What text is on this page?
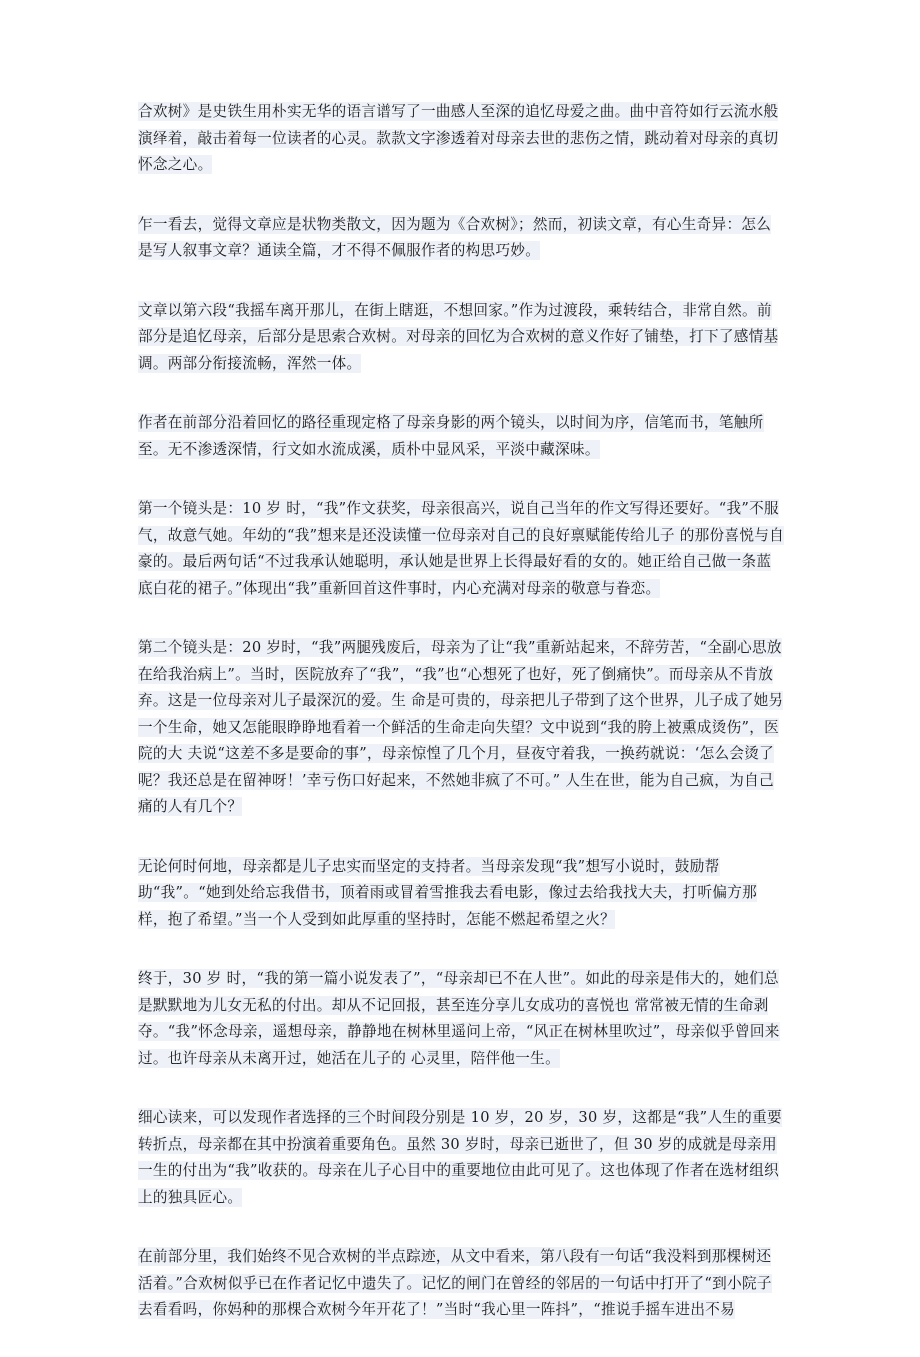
合欢树》是史铁生用朴实无华的语言谱写了一曲感人至深的追忆母爱之曲。曲中音符如行云流水般演绎着，敲击着每一位读者的心灵。款款文字渗透着对母亲去世的悲伤之情，跳动着对母亲的真切怀念之心。

乍一看去，觉得文章应是状物类散文，因为题为《合欢树》；然而，初读文章，有心生奇异：怎么是写人叙事文章？通读全篇，才不得不佩服作者的构思巧妙。

文章以第六段“我摇车离开那儿，在街上瞎逛，不想回家。”作为过渡段，乘转结合，非常自然。前部分是追忆母亲，后部分是思索合欢树。对母亲的回忆为合欢树的意义作好了铺垫，打下了感情基调。两部分衔接流畅，浑然一体。

作者在前部分沿着回忆的路径重现定格了母亲身影的两个镜头，以时间为序，信笔而书，笔触所至。无不渗透深情，行文如水流成溪，质朴中显风采，平淡中藏深味。

第一个镜头是：10 岁 时，“我”作文获奖，母亲很高兴，说自己当年的作文写得还要好。“我”不服气，故意气她。年幼的“我”想来是还没读懂一位母亲对自己的良好禀赋能传给儿子 的那份喜悦与自豪的。最后两句话“不过我承认她聪明，承认她是世界上长得最好看的女的。她正给自己做一条蓝底白花的裙子。”体现出“我”重新回首这件事时，内心充满对母亲的敬意与眷恋。

第二个镜头是：20 岁时，“我”两腿残废后，母亲为了让“我”重新站起来，不辞劳苦，“全副心思放在给我治病上”。当时，医院放弃了“我”，“我”也“心想死了也好，死了倒痛快”。而母亲从不肯放弃。这是一位母亲对儿子最深沉的爱。生 命是可贵的，母亲把儿子带到了这个世界，儿子成了她另一个生命，她又怎能眼睁睁地看着一个鲜活的生命走向失望？文中说到“我的胯上被熏成烫伤”，医院的大 夫说“这差不多是要命的事”，母亲惊惶了几个月，昼夜守着我，一换药就说：‘怎么会烫了呢？我还总是在留神呀！’幸亏伤口好起来，不然她非疯了不可。” 人生在世，能为自己疯，为自己痛的人有几个？

无论何时何地，母亲都是儿子忠实而坚定的支持者。当母亲发现“我”想写小说时，鼓励帮助“我”。“她到处给忘我借书，顶着雨或冒着雪推我去看电影，像过去给我找大夫，打听偏方那样，抱了希望。”当一个人受到如此厚重的坚持时，怎能不燃起希望之火？

终于，30 岁 时，“我的第一篇小说发表了”，“母亲却已不在人世”。如此的母亲是伟大的，她们总是默默地为儿女无私的付出。却从不记回报，甚至连分享儿女成功的喜悦也 常常被无情的生命剥夺。“我”怀念母亲，遥想母亲，静静地在树林里遥问上帝，“风正在树林里吹过”，母亲似乎曾回来过。也许母亲从未离开过，她活在儿子的 心灵里，陪伴他一生。

细心读来，可以发现作者选择的三个时间段分别是 10 岁，20 岁，30 岁，这都是“我”人生的重要转折点，母亲都在其中扮演着重要角色。虽然 30 岁时，母亲已逝世了，但 30 岁的成就是母亲用一生的付出为“我”收获的。母亲在儿子心目中的重要地位由此可见了。这也体现了作者在选材组织上的独具匠心。

在前部分里，我们始终不见合欢树的半点踪迹，从文中看来，第八段有一句话“我没料到那棵树还活着。”合欢树似乎已在作者记忆中遗失了。记忆的闸门在曾经的邻居的一句话中打开了“到小院子去看看吗，你妈种的那棵合欢树今年开花了！”当时“我心里一阵抖”，“推说手摇车进出不易
